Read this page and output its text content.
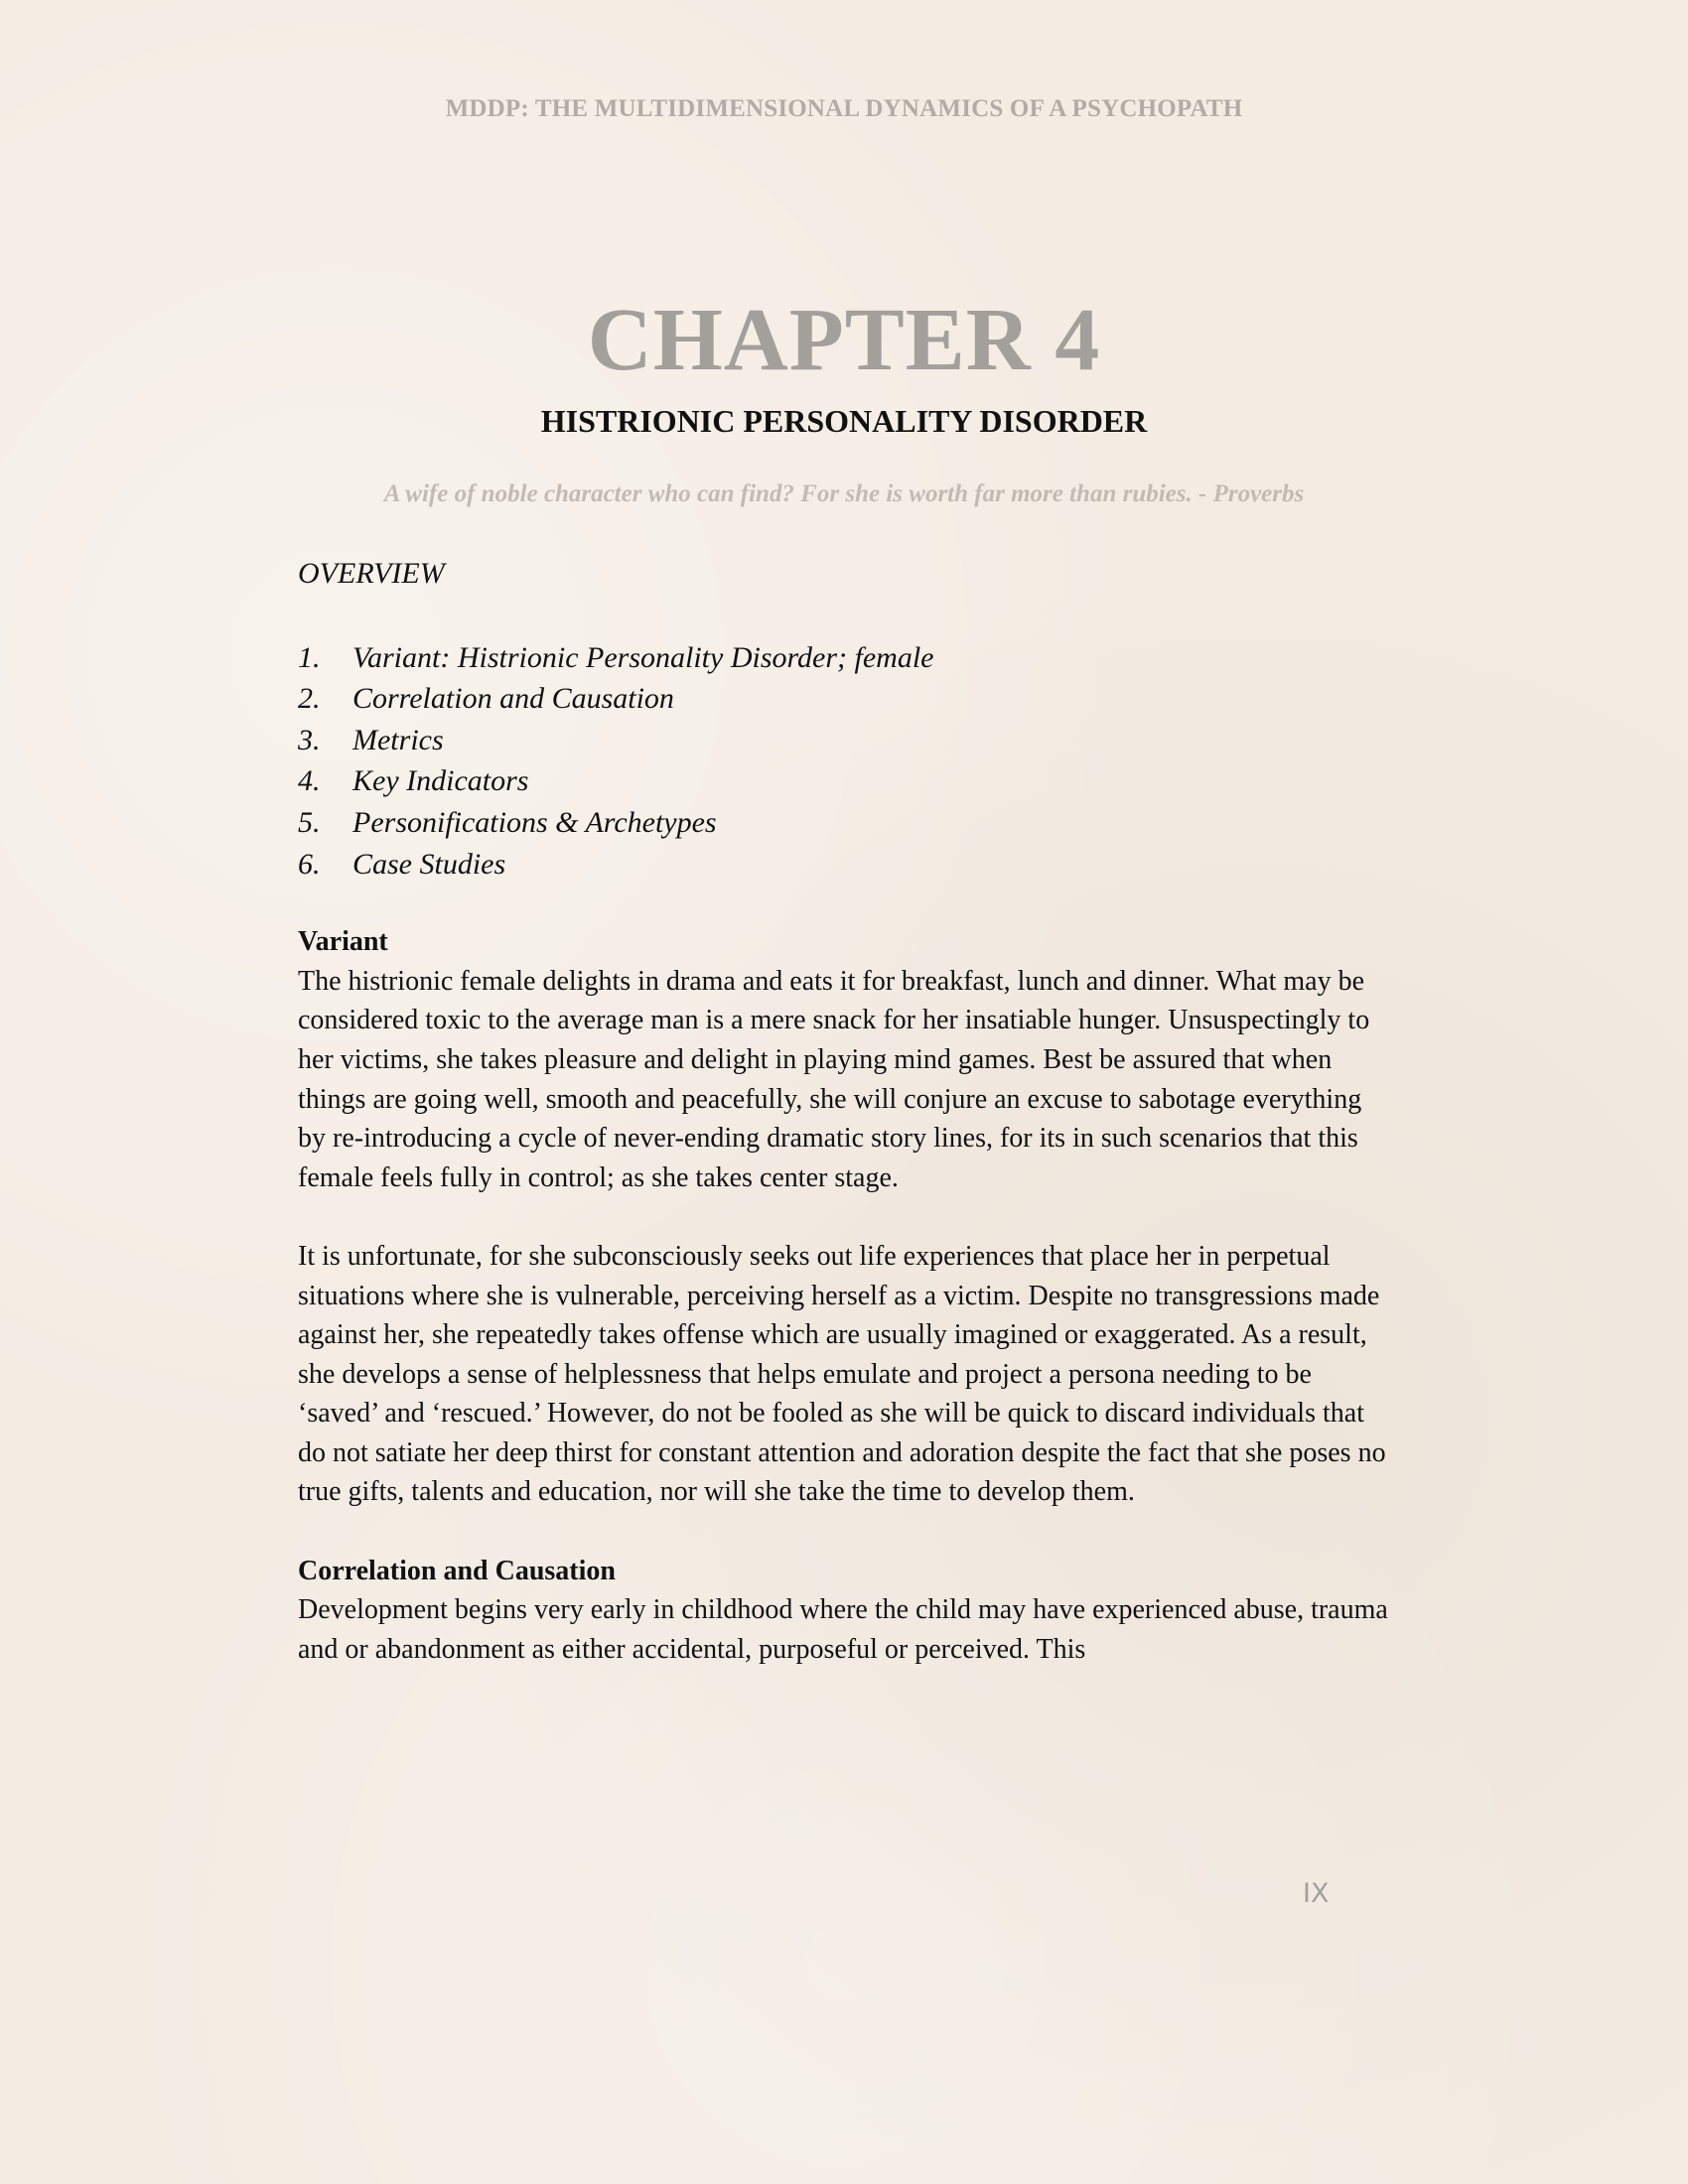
MDDP: THE MULTIDIMENSIONAL DYNAMICS OF A PSYCHOPATH
CHAPTER 4
HISTRIONIC PERSONALITY DISORDER
A wife of noble character who can find? For she is worth far more than rubies. - Proverbs
OVERVIEW
1.	Variant: Histrionic Personality Disorder; female
2.	Correlation and Causation
3.	Metrics
4.	Key Indicators
5.	Personifications & Archetypes
6.	Case Studies
Variant

The histrionic female delights in drama and eats it for breakfast, lunch and dinner. What may be considered toxic to the average man is a mere snack for her insatiable hunger. Unsuspectingly to her victims, she takes pleasure and delight in playing mind games. Best be assured that when things are going well, smooth and peacefully, she will conjure an excuse to sabotage everything by re-introducing a cycle of never-ending dramatic story lines, for its in such scenarios that this female feels fully in control; as she takes center stage.

It is unfortunate, for she subconsciously seeks out life experiences that place her in perpetual situations where she is vulnerable, perceiving herself as a victim. Despite no transgressions made against her, she repeatedly takes offense which are usually imagined or exaggerated. As a result, she develops a sense of helplessness that helps emulate and project a persona needing to be ‘saved’ and ‘rescued.’ However, do not be fooled as she will be quick to discard individuals that do not satiate her deep thirst for constant attention and adoration despite the fact that she poses no true gifts, talents and education, nor will she take the time to develop them.

Correlation and Causation

Development begins very early in childhood where the child may have experienced abuse, trauma and or abandonment as either accidental, purposeful or perceived. This

IX
